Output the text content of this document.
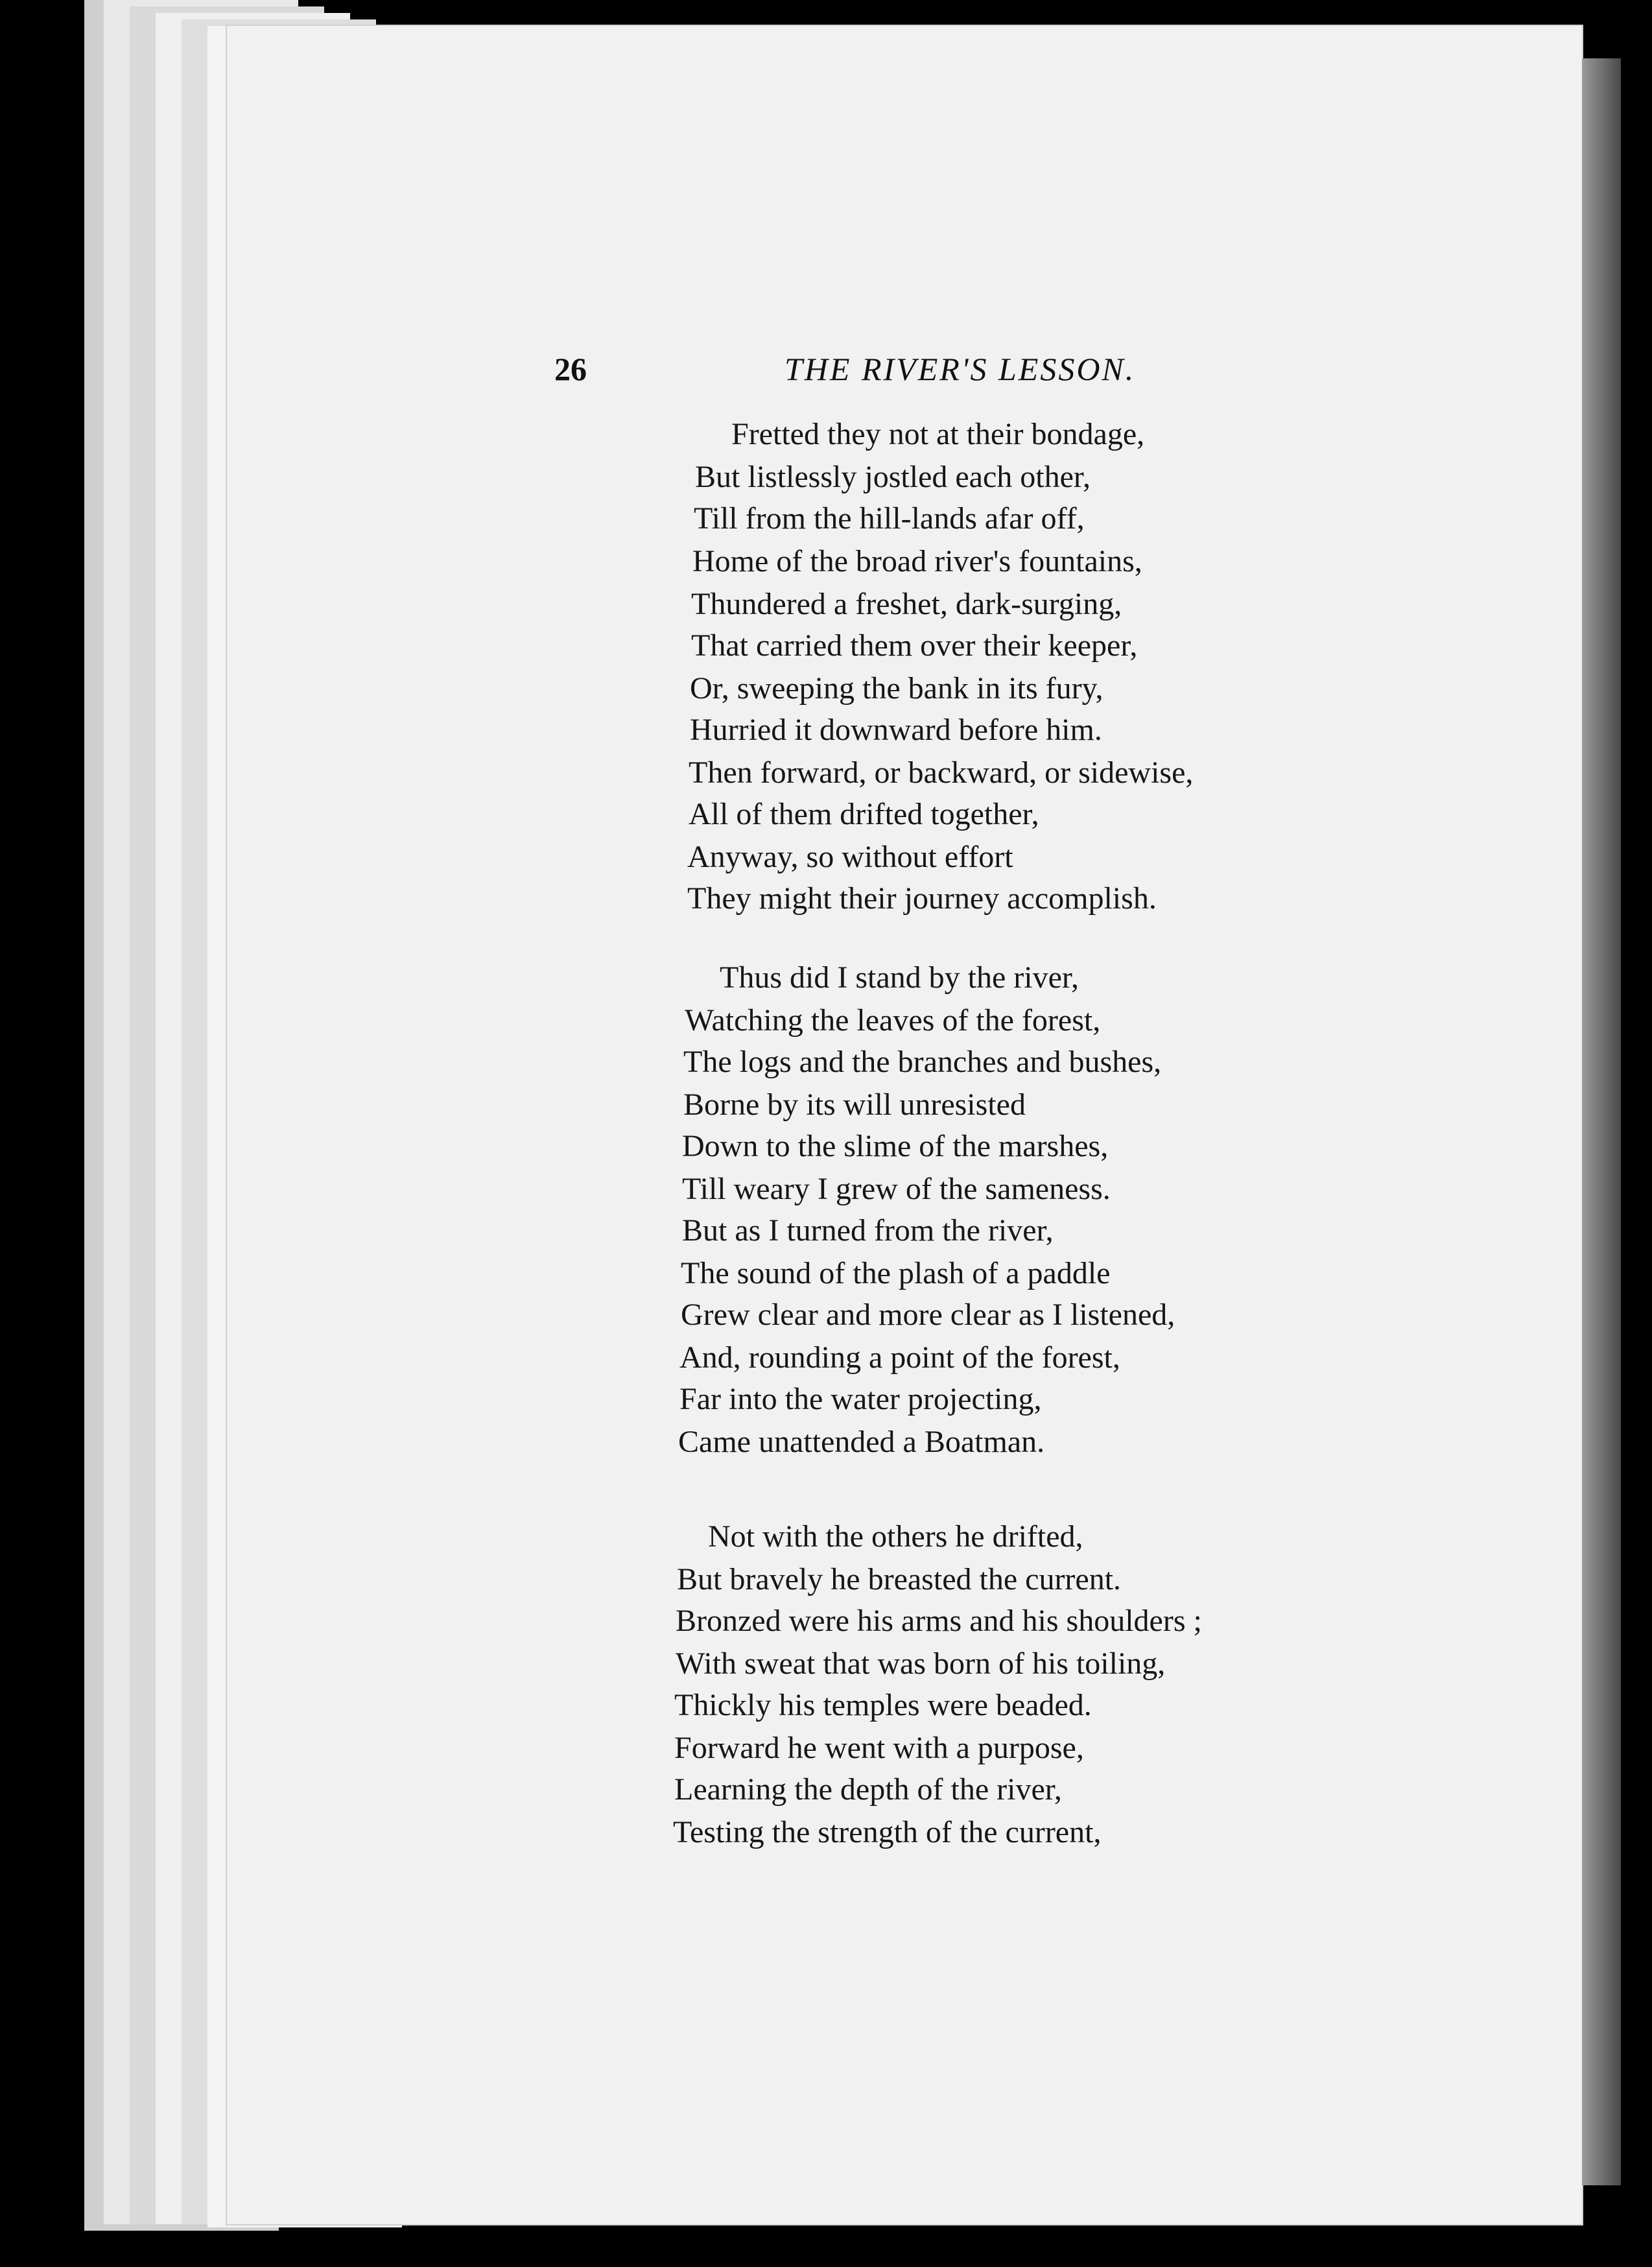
26	THE RIVER'S LESSON.
Fretted they not at their bondage,
But listlessly jostled each other,
Till from the hill-lands afar off,
Home of the broad river's fountains,
Thundered a freshet, dark-surging,
That carried them over their keeper,
Or, sweeping the bank in its fury,
Hurried it downward before him.
Then forward, or backward, or sidewise,
All of them drifted together,
Anyway, so without effort
They might their journey accomplish.
Thus did I stand by the river,
Watching the leaves of the forest,
The logs and the branches and bushes,
Borne by its will unresisted
Down to the slime of the marshes,
Till weary I grew of the sameness.
But as I turned from the river,
The sound of the plash of a paddle
Grew clear and more clear as I listened,
And, rounding a point of the forest,
Far into the water projecting,
Came unattended a Boatman.
Not with the others he drifted,
But bravely he breasted the current.
Bronzed were his arms and his shoulders ;
With sweat that was born of his toiling,
Thickly his temples were beaded.
Forward he went with a purpose,
Learning the depth of the river,
Testing the strength of the current,
